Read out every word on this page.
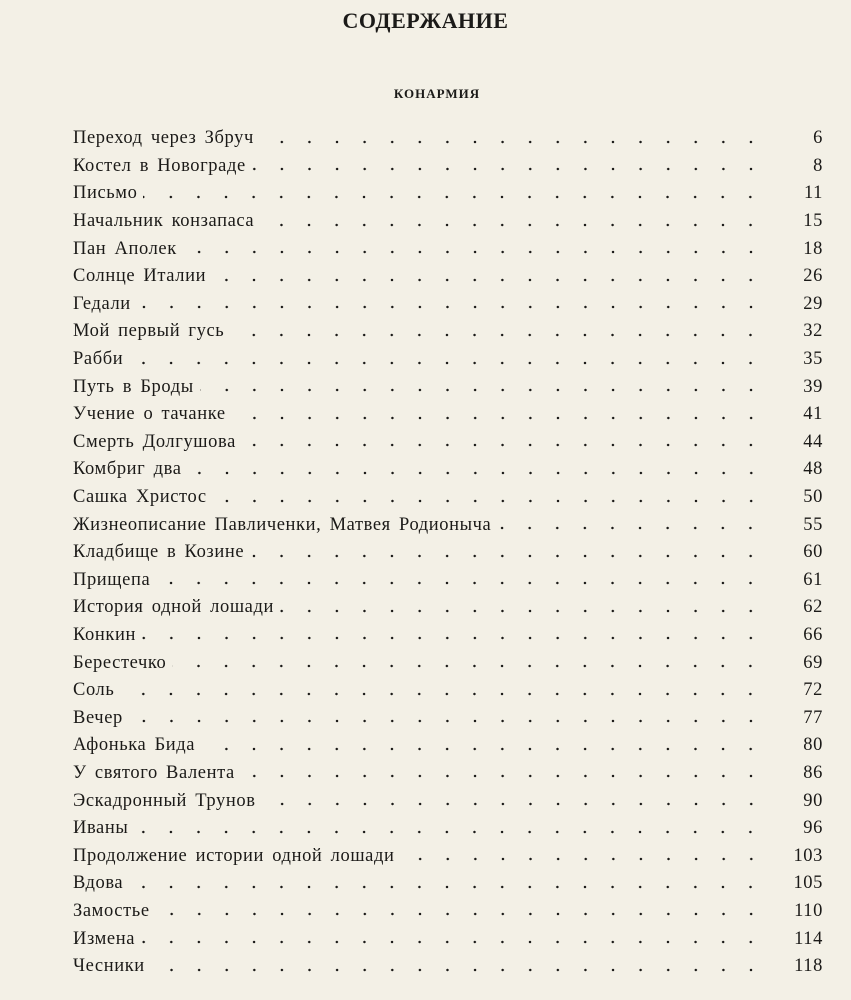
СОДЕРЖАНИЕ
КОНАРМИЯ
Переход через Збруч	6
Костел в Новограде	8
Письмо	11
Начальник конзапаса	15
Пан Аполек	18
Солнце Италии	26
Гедали	29
Мой первый гусь	32
Рабби	35
Путь в Броды	39
Учение о тачанке	41
Смерть Долгушова	44
Комбриг два	48
Сашка Христос	50
Жизнеописание Павличенки, Матвея Родионыча	55
Кладбище в Козине	60
Прищепа	61
История одной лошади	62
Конкин	66
Берестечко	69
Соль	72
Вечер	77
Афонька Бида	80
У святого Валента	86
Эскадронный Трунов	90
Иваны	96
Продолжение истории одной лошади	103
Вдова	105
Замостье	110
Измена	114
Чесники	118
